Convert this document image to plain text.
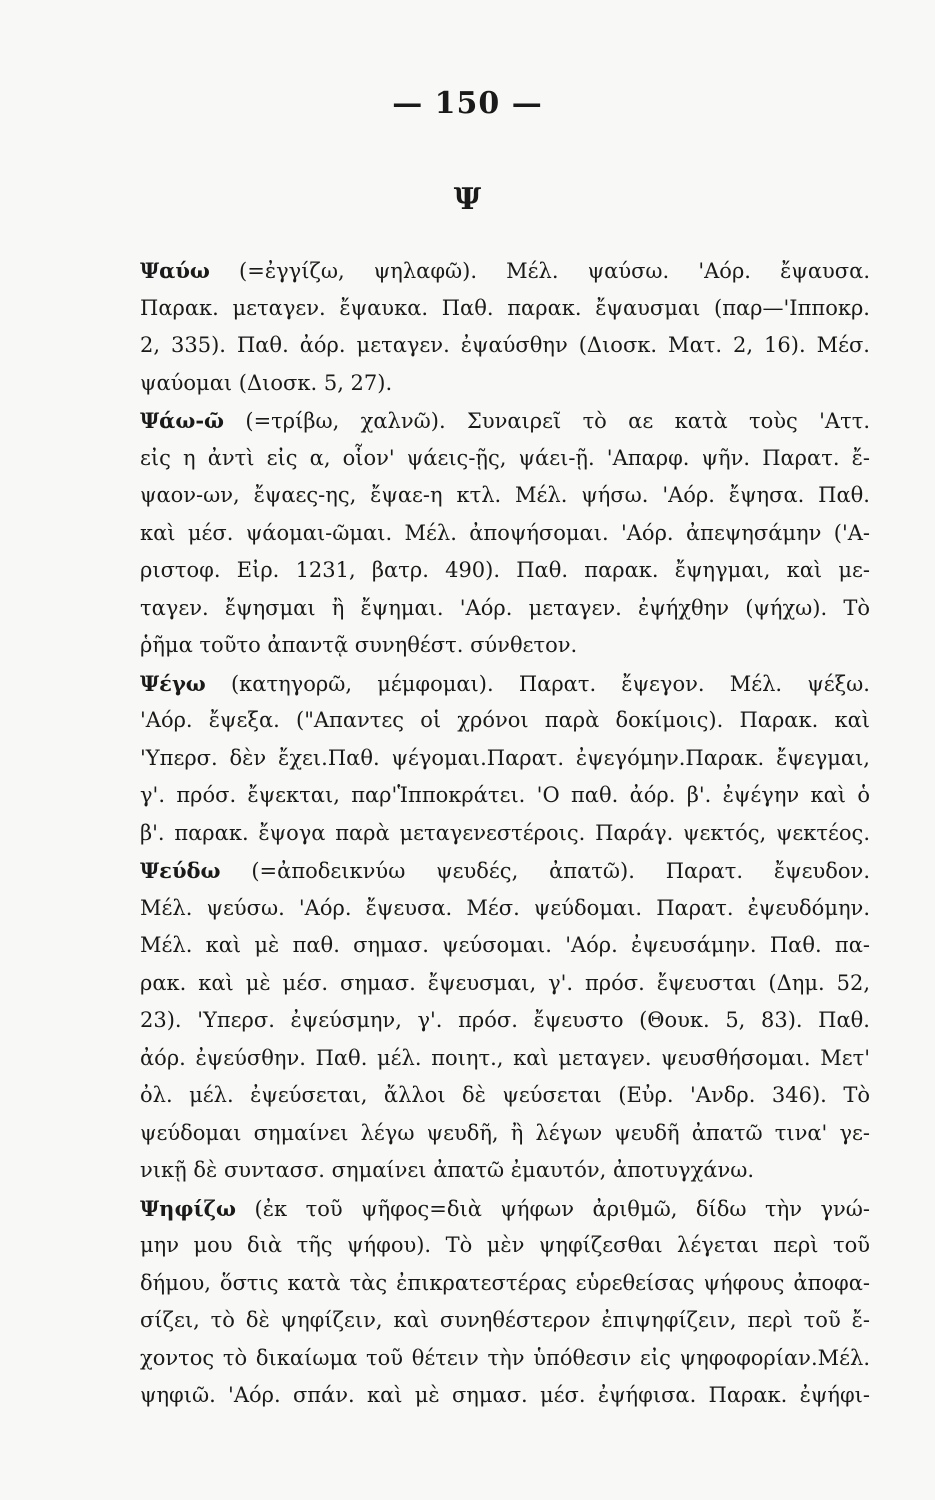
— 150 —
Ψ
Ψαύω (=ἐγγίζω, ψηλαφῶ). Μέλ. ψαύσω. 'Αόρ. ἔψαυσα.
Παρακ. μεταγεν. ἔψαυκα. Παθ. παρακ. ἔψαυσμαι (παρ—'Ιπποκρ.
2, 335). Παθ. ἀόρ. μεταγεν. ἐψαύσθην (Διοσκ. Ματ. 2, 16). Μέσ.
ψαύομαι (Διοσκ. 5, 27).
Ψάω-ῶ (=τρίβω, χαλνῶ). Συναιρεῖ τὸ αε κατὰ τοὺς 'Αττ.
εἰς η ἀντὶ εἰς α, οἷον' ψάεις-ῇς, ψάει-ῇ. 'Απαρφ. ψῆν. Παρατ. ἔ-
ψαον-ων, ἔψαες-ης, ἔψαε-η κτλ. Μέλ. ψήσω. 'Αόρ. ἔψησα. Παθ.
καὶ μέσ. ψάομαι-ῶμαι. Μέλ. ἀποψήσομαι. 'Αόρ. ἀπεψησάμην ('Α-
ριστοφ. Εἰρ. 1231, βατρ. 490). Παθ. παρακ. ἔψηγμαι, καὶ με-
ταγεν. ἔψησμαι ἢ ἔψημαι. 'Αόρ. μεταγεν. ἐψήχθην (ψήχω). Τὸ
ῥῆμα τοῦτο ἀπαντᾷ συνηθέστ. σύνθετον.
Ψέγω (κατηγορῶ, μέμφομαι). Παρατ. ἔψεγον. Μέλ. ψέξω.
'Αόρ. ἔψεξα. ("Απαντες οἱ χρόνοι παρὰ δοκίμοις). Παρακ. καὶ
'Υπερσ. δὲν ἔχει.Παθ. ψέγομαι.Παρατ. ἐψεγόμην.Παρακ. ἔψεγμαι,
γ'. πρόσ. ἔψεκται, παρ'Ἱπποκράτει. 'Ο παθ. ἀόρ. β'. ἐψέγην καὶ ὁ
β'. παρακ. ἔψογα παρὰ μεταγενεστέροις. Παράγ. ψεκτός, ψεκτέος.
Ψεύδω (=ἀποδεικνύω ψευδές, ἀπατῶ). Παρατ. ἔψευδον.
Μέλ. ψεύσω. 'Αόρ. ἔψευσα. Μέσ. ψεύδομαι. Παρατ. ἐψευδόμην.
Μέλ. καὶ μὲ παθ. σημασ. ψεύσομαι. 'Αόρ. ἐψευσάμην. Παθ. πα-
ρακ. καὶ μὲ μέσ. σημασ. ἔψευσμαι, γ'. πρόσ. ἔψευσται (Δημ. 52,
23). 'Υπερσ. ἐψεύσμην, γ'. πρόσ. ἔψευστο (Θουκ. 5, 83). Παθ.
ἀόρ. ἐψεύσθην. Παθ. μέλ. ποιητ., καὶ μεταγεν. ψευσθήσομαι. Μετ'
ὀλ. μέλ. ἐψεύσεται, ἄλλοι δὲ ψεύσεται (Εὐρ. 'Ανδρ. 346). Τὸ
ψεύδομαι σημαίνει λέγω ψευδῆ, ἢ λέγων ψευδῆ ἀπατῶ τινα' γε-
νικῇ δὲ συντασσ. σημαίνει ἀπατῶ ἐμαυτόν, ἀποτυγχάνω.
Ψηφίζω (ἐκ τοῦ ψῆφος=διὰ ψήφων ἀριθμῶ, δίδω τὴν γνώ-
μην μου διὰ τῆς ψήφου). Τὸ μὲν ψηφίζεσθαι λέγεται περὶ τοῦ
δήμου, ὅστις κατὰ τὰς ἐπικρατεστέρας εὑρεθείσας ψήφους ἀποφα-
σίζει, τὸ δὲ ψηφίζειν, καὶ συνηθέστερον ἐπιψηφίζειν, περὶ τοῦ ἔ-
χοντος τὸ δικαίωμα τοῦ θέτειν τὴν ὑπόθεσιν εἰς ψηφοφορίαν.Μέλ.
ψηφιῶ. 'Αόρ. σπάν. καὶ μὲ σημασ. μέσ. ἐψήφισα. Παρακ. ἐψήφι-
